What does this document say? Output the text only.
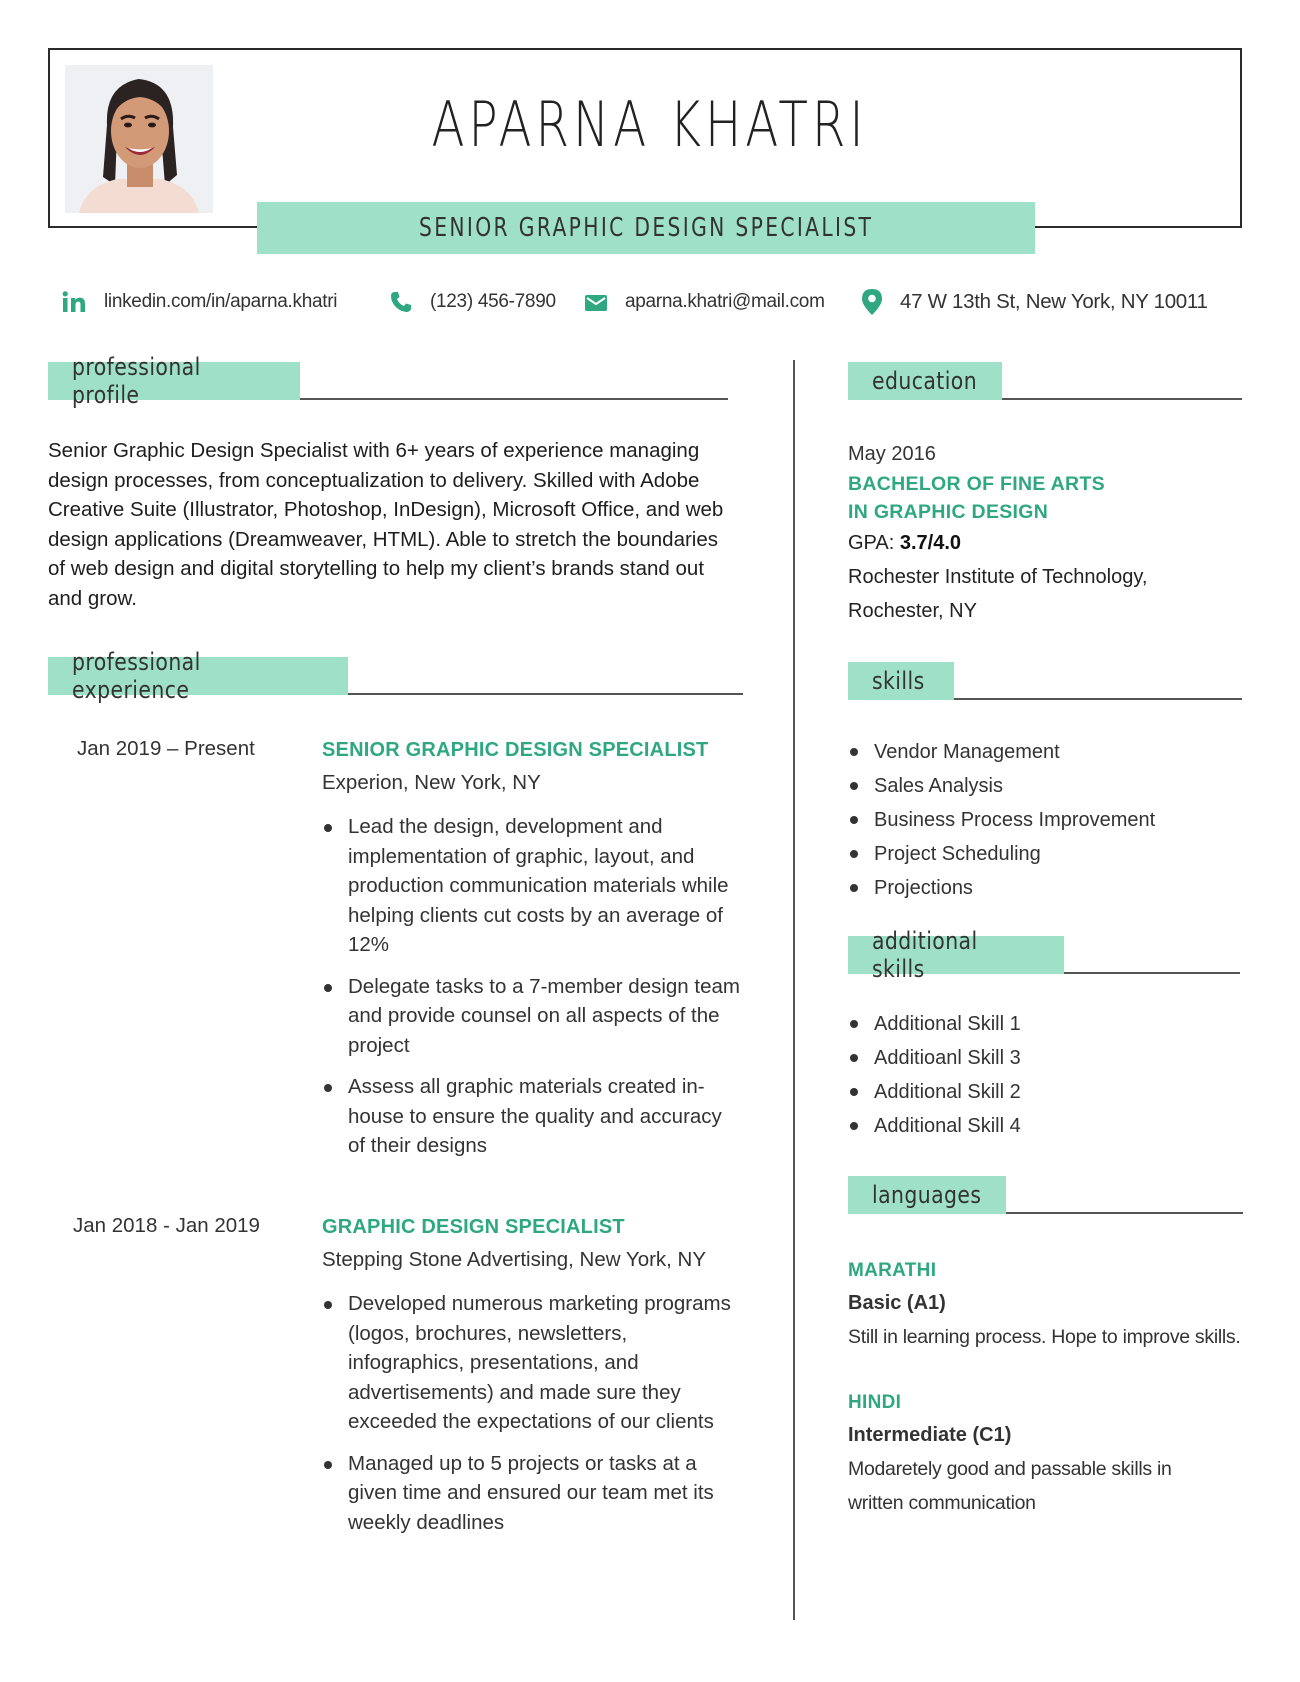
APARNA KHATRI
SENIOR GRAPHIC DESIGN SPECIALIST
linkedin.com/in/aparna.khatri	(123) 456-7890	aparna.khatri@mail.com	47 W 13th St, New York, NY 10011
professional profile
Senior Graphic Design Specialist with 6+ years of experience managing design processes, from conceptualization to delivery. Skilled with Adobe Creative Suite (Illustrator, Photoshop, InDesign), Microsoft Office, and web design applications (Dreamweaver, HTML). Able to stretch the boundaries of web design and digital storytelling to help my client’s brands stand out and grow.
professional experience
Jan 2019 – Present	SENIOR GRAPHIC DESIGN SPECIALIST
Experion, New York, NY
Lead the design, development and implementation of graphic, layout, and production communication materials while helping clients cut costs by an average of 12%
Delegate tasks to a 7-member design team and provide counsel on all aspects of the project
Assess all graphic materials created in-house to ensure the quality and accuracy of their designs
Jan 2018 - Jan 2019	GRAPHIC DESIGN SPECIALIST
Stepping Stone Advertising, New York, NY
Developed numerous marketing programs (logos, brochures, newsletters, infographics, presentations, and advertisements) and made sure they exceeded the expectations of our clients
Managed up to 5 projects or tasks at a given time and ensured our team met its weekly deadlines
education
May 2016
BACHELOR OF FINE ARTS
IN GRAPHIC DESIGN
GPA: 3.7/4.0
Rochester Institute of Technology,
Rochester, NY
skills
Vendor Management
Sales Analysis
Business Process Improvement
Project Scheduling
Projections
additional skills
Additional Skill 1
Additioanl Skill 3
Additional Skill 2
Additional Skill 4
languages
MARATHI
Basic (A1)
Still in learning process. Hope to improve skills.
HINDI
Intermediate (C1)
Modaretely good and passable skills in
written communication
